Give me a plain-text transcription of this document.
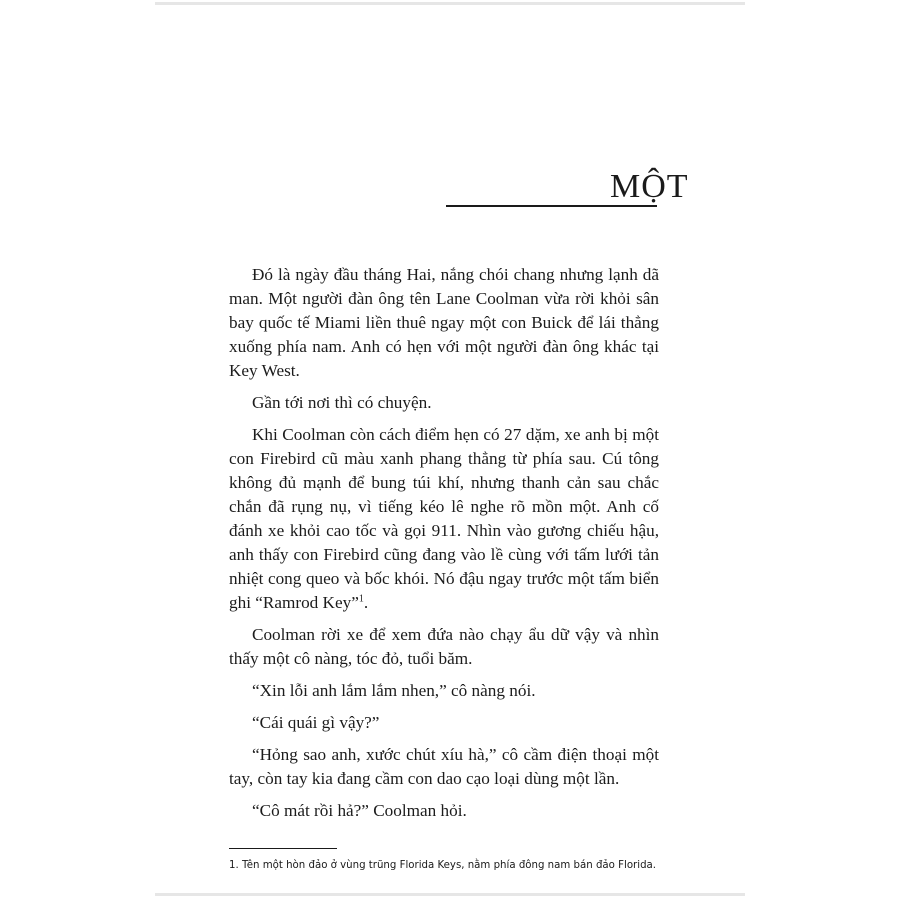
MỘT

Đó là ngày đầu tháng Hai, nắng chói chang nhưng lạnh dã man. Một người đàn ông tên Lane Coolman vừa rời khỏi sân bay quốc tế Miami liền thuê ngay một con Buick để lái thẳng xuống phía nam. Anh có hẹn với một người đàn ông khác tại Key West.

Gần tới nơi thì có chuyện.

Khi Coolman còn cách điểm hẹn có 27 dặm, xe anh bị một con Firebird cũ màu xanh phang thẳng từ phía sau. Cú tông không đủ mạnh để bung túi khí, nhưng thanh cản sau chắc chắn đã rụng nụ, vì tiếng kéo lê nghe rõ mồn một. Anh cố đánh xe khỏi cao tốc và gọi 911. Nhìn vào gương chiếu hậu, anh thấy con Firebird cũng đang vào lề cùng với tấm lưới tản nhiệt cong queo và bốc khói. Nó đậu ngay trước một tấm biển ghi “Ramrod Key”$^1$.

Coolman rời xe để xem đứa nào chạy ẩu dữ vậy và nhìn thấy một cô nàng, tóc đỏ, tuổi băm.

“Xin lỗi anh lắm lắm nhen,” cô nàng nói.

“Cái quái gì vậy?”

“Hỏng sao anh, xước chút xíu hà,” cô cầm điện thoại một tay, còn tay kia đang cầm con dao cạo loại dùng một lần.

“Cô mát rồi hả?” Coolman hỏi.

1. Tên một hòn đảo ở vùng trũng Florida Keys, nằm phía đông nam bán đảo Florida.
